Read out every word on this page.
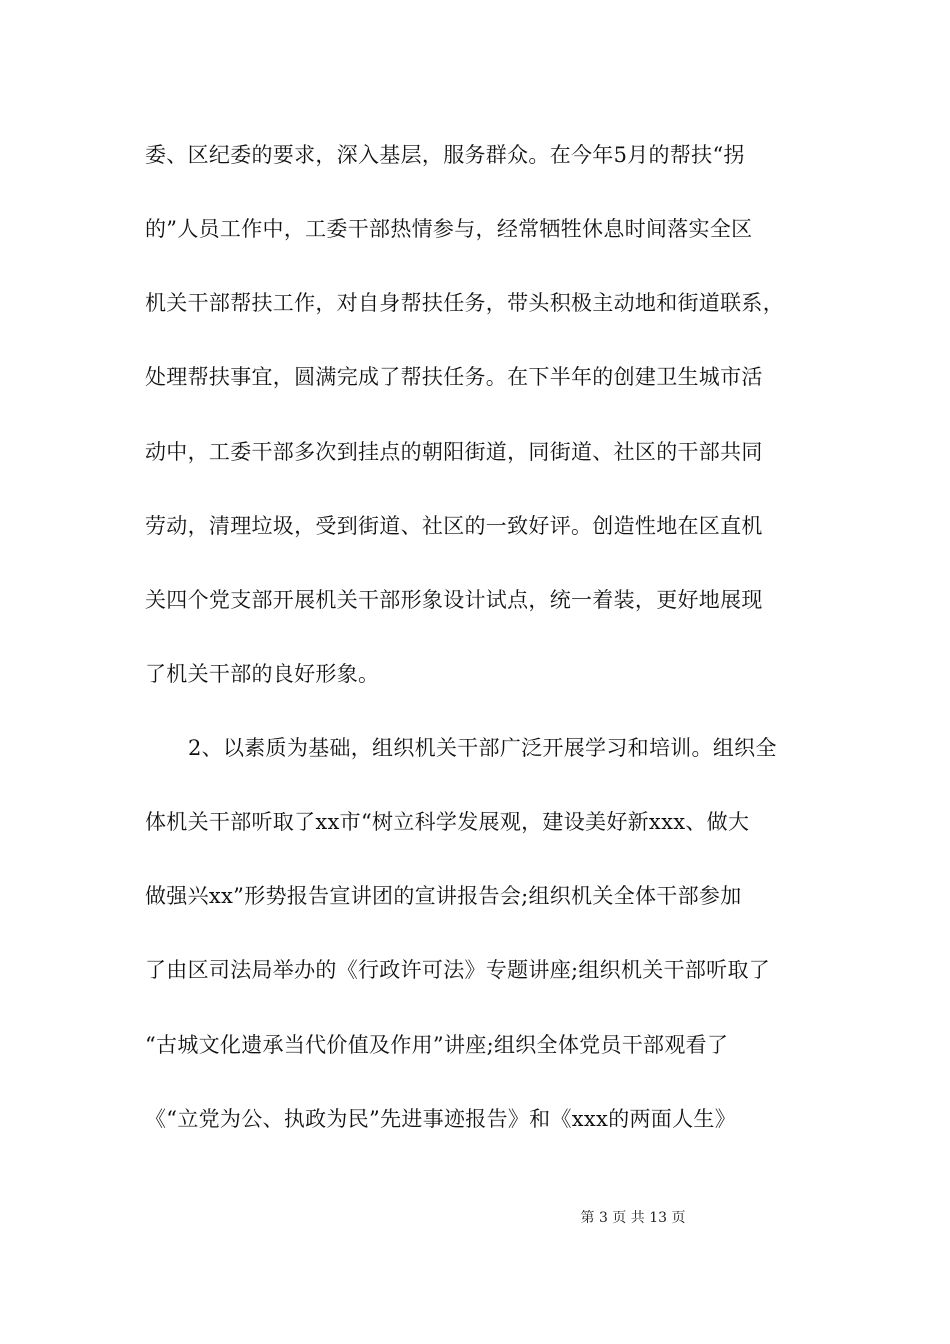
委、区纪委的要求，深入基层，服务群众。在今年5月的帮扶“拐
的”人员工作中，工委干部热情参与，经常牺牲休息时间落实全区
机关干部帮扶工作，对自身帮扶任务，带头积极主动地和街道联系，
处理帮扶事宜，圆满完成了帮扶任务。在下半年的创建卫生城市活
动中，工委干部多次到挂点的朝阳街道，同街道、社区的干部共同
劳动，清理垃圾，受到街道、社区的一致好评。创造性地在区直机
关四个党支部开展机关干部形象设计试点，统一着装，更好地展现
了机关干部的良好形象。
2、以素质为基础，组织机关干部广泛开展学习和培训。组织全
体机关干部听取了xx市“树立科学发展观，建设美好新xxx、做大
做强兴xx”形势报告宣讲团的宣讲报告会;组织机关全体干部参加
了由区司法局举办的《行政许可法》专题讲座;组织机关干部听取了
“古城文化遗承当代价值及作用”讲座;组织全体党员干部观看了
《“立党为公、执政为民”先进事迹报告》和《xxx的两面人生》
第 3 页 共 13 页
